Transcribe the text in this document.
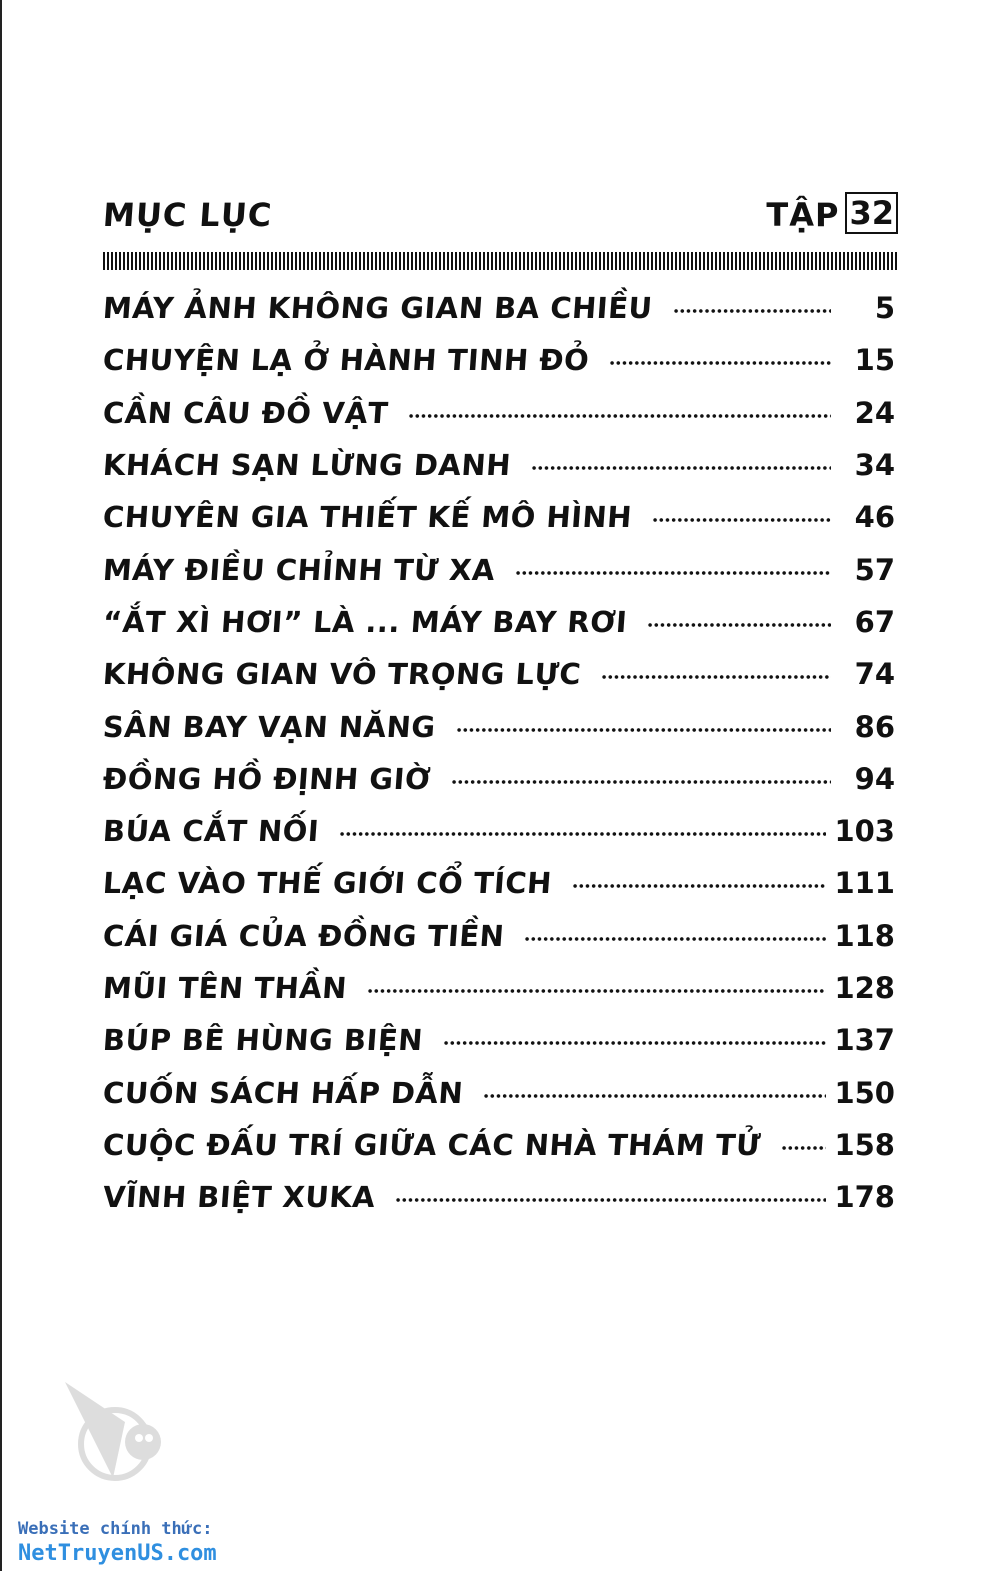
MỤC LỤC	TẬP 32
MÁY ẢNH KHÔNG GIAN BA CHIỀU	5
CHUYỆN LẠ Ở HÀNH TINH ĐỎ	15
CẦN CÂU ĐỒ VẬT	24
KHÁCH SẠN LỪNG DANH	34
CHUYÊN GIA THIẾT KẾ MÔ HÌNH	46
MÁY ĐIỀU CHỈNH TỪ XA	57
“ẮT XÌ HƠI” LÀ ... MÁY BAY RƠI	67
KHÔNG GIAN VÔ TRỌNG LỰC	74
SÂN BAY VẠN NĂNG	86
ĐỒNG HỒ ĐỊNH GIỜ	94
BÚA CẮT NỐI	103
LẠC VÀO THẾ GIỚI CỔ TÍCH	111
CÁI GIÁ CỦA ĐỒNG TIỀN	118
MŨI TÊN THẦN	128
BÚP BÊ HÙNG BIỆN	137
CUỐN SÁCH HẤP DẪN	150
CUỘC ĐẤU TRÍ GIỮA CÁC NHÀ THÁM TỬ 158
VĨNH BIỆT XUKA	178
Website chính thức:
NetTruyenUS.com
